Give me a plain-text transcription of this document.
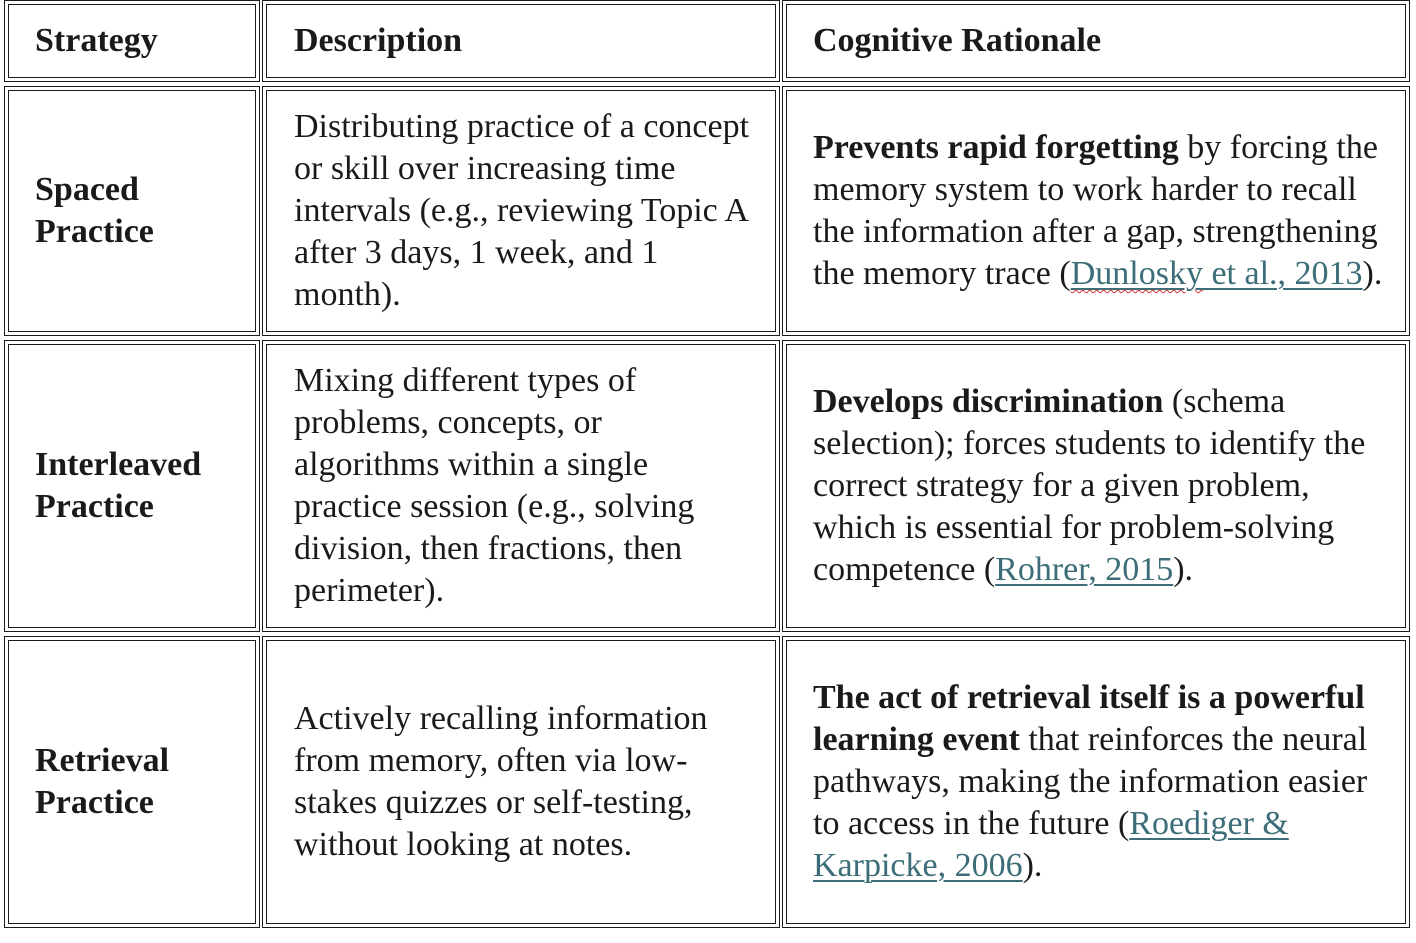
Strategy	Description	Cognitive Rationale
Spaced
Practice
Distributing practice of a concept or skill over increasing time intervals (e.g., reviewing Topic A after 3 days, 1 week, and 1 month).
Prevents rapid forgetting by forcing the memory system to work harder to recall the information after a gap, strengthening the memory trace (Dunlosky et al., 2013).
Interleaved
Practice
Mixing different types of problems, concepts, or algorithms within a single practice session (e.g., solving division, then fractions, then perimeter).
Develops discrimination (schema selection); forces students to identify the correct strategy for a given problem, which is essential for problem-solving competence (Rohrer, 2015).
Retrieval
Practice
Actively recalling information from memory, often via low-stakes quizzes or self-testing, without looking at notes.
The act of retrieval itself is a powerful learning event that reinforces the neural pathways, making the information easier to access in the future (Roediger & Karpicke, 2006).
